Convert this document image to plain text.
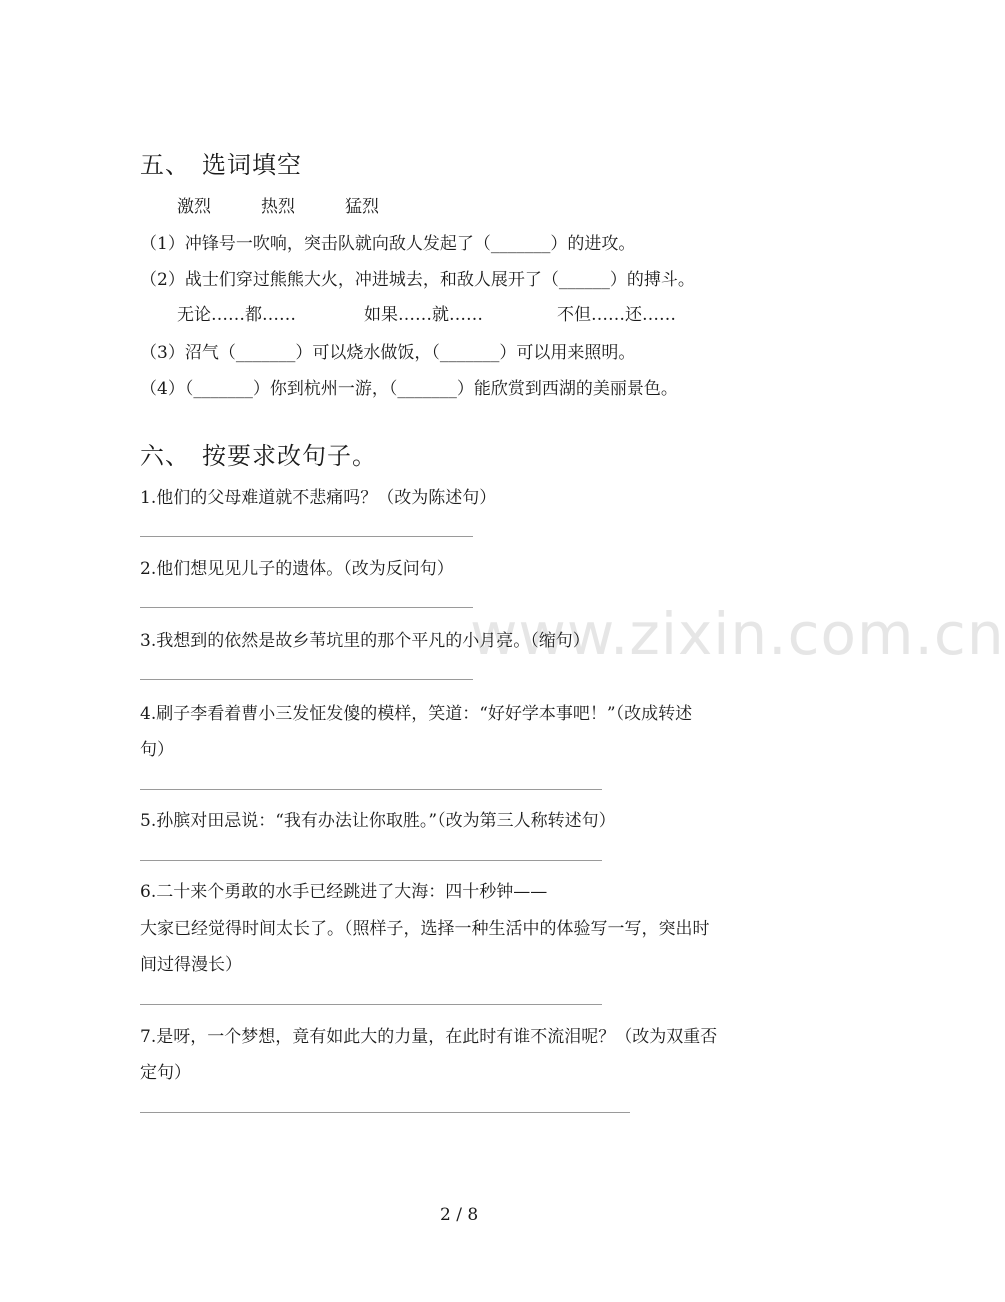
www.zixin.com.cn
五、 选词填空
激烈	热烈	猛烈
（1）冲锋号一吹响，突击队就向敌人发起了（_______）的进攻。
（2）战士们穿过熊熊大火，冲进城去，和敌人展开了（______）的搏斗。
无论……都……	如果……就……	不但……还……
（3）沼气（_______）可以烧水做饭，（_______）可以用来照明。
（4）（_______）你到杭州一游，（_______）能欣赏到西湖的美丽景色。
六、 按要求改句子。
1.他们的父母难道就不悲痛吗？（改为陈述句）
2.他们想见见儿子的遗体。（改为反问句）
3.我想到的依然是故乡苇坑里的那个平凡的小月亮。（缩句）
4.刷子李看着曹小三发怔发傻的模样，笑道：“好好学本事吧！”（改成转述
句）
5.孙膑对田忌说：“我有办法让你取胜。”（改为第三人称转述句）
6.二十来个勇敢的水手已经跳进了大海：四十秒钟——
大家已经觉得时间太长了。（照样子，选择一种生活中的体验写一写，突出时
间过得漫长）
7.是呀，一个梦想，竟有如此大的力量，在此时有谁不流泪呢？（改为双重否
定句）
2 / 8
